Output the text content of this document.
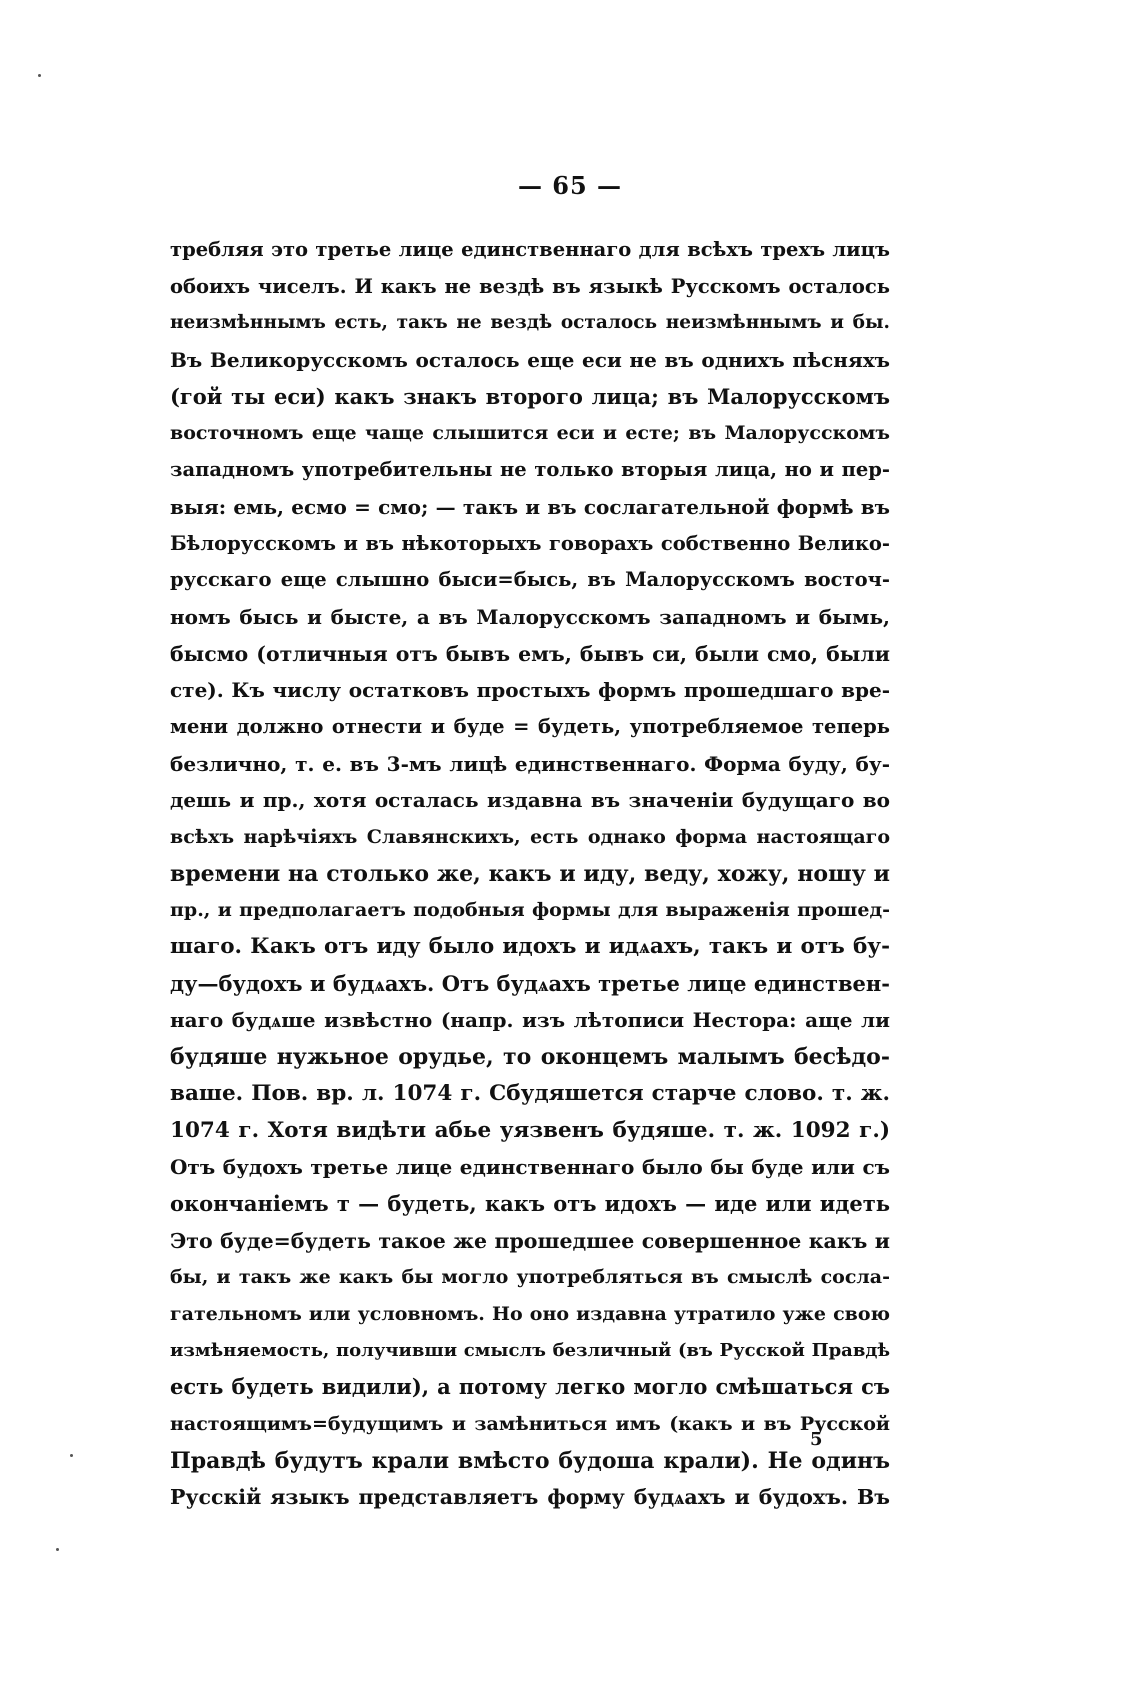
— 65 —
требляя это третье лице единственнаго для всѣхъ трехъ лицъ
обоихъ чиселъ. И какъ не вездѣ въ языкѣ Русскомъ осталось
неизмѣннымъ есть, такъ не вездѣ осталось неизмѣннымъ и бы.
Въ Великорусскомъ осталось еще еси не въ одниxъ пѣсняхъ
(гой ты еси) какъ знакъ второго лица; въ Малорусскомъ
восточномъ еще чаще слышится еси и есте; въ Малорусскомъ
западномъ употребительны не только вторыя лица, но и пер-
выя: емь, есмо = смо; — такъ и въ сослагательной формѣ въ
Бѣлорусскомъ и въ нѣкоторыхъ говорахъ собственно Велико-
русскаго еще слышно быси=бысь, въ Малорусскомъ восточ-
номъ бысь и бысте, а въ Малорусскомъ западномъ и бымь,
бысмо (отличныя отъ бывъ емъ, бывъ си, были смо, были
сте). Къ числу остатковъ простыхъ формъ прошедшаго вре-
мени должно отнести и буде = будеть, употребляемое теперь
безлично, т. е. въ 3-мъ лицѣ единственнаго. Форма буду, бу-
дешь и пр., хотя осталась издавна въ значенiи будущаго во
всѣхъ нарѣчiяхъ Славянскихъ, есть однако форма настоящаго
времени на столько же, какъ и иду, веду, хожу, ношу и
пр., и предполагаетъ подобныя формы для выраженiя прошед-
шаго. Какъ отъ иду было идохъ и идѧахъ, такъ и отъ бу-
ду—будохъ и будѧахъ. Отъ будѧахъ третье лице единствен-
наго будѧше извѣстно (напр. изъ лѣтописи Нестора: аще ли
будяше нужьное орудье, то оконцемъ малымъ бесѣдо-
ваше. Пов. вр. л. 1074 г. Сбудяшется старче слово. т. ж.
1074 г. Хотя видѣти абье уязвенъ будяше. т. ж. 1092 г.)
Отъ будохъ третье лице единственнаго было бы буде или съ
окончанiемъ т — будеть, какъ отъ идохъ — иде или идеть
Это буде=будеть такое же прошедшее совершенное какъ и
бы, и такъ же какъ бы могло употребляться въ смыслѣ сосла-
гательномъ или условномъ. Но оно издавна утратило уже свою
измѣняемость, получивши смыслъ безличный (въ Русской Правдѣ
есть будеть видили), а потому легко могло смѣшаться съ
настоящимъ=будущимъ и замѣниться имъ (какъ и въ Русской
Правдѣ будутъ крали вмѣсто будоша крали). Не одинъ
Русскiй языкъ представляетъ форму будѧахъ и будохъ. Въ
5
